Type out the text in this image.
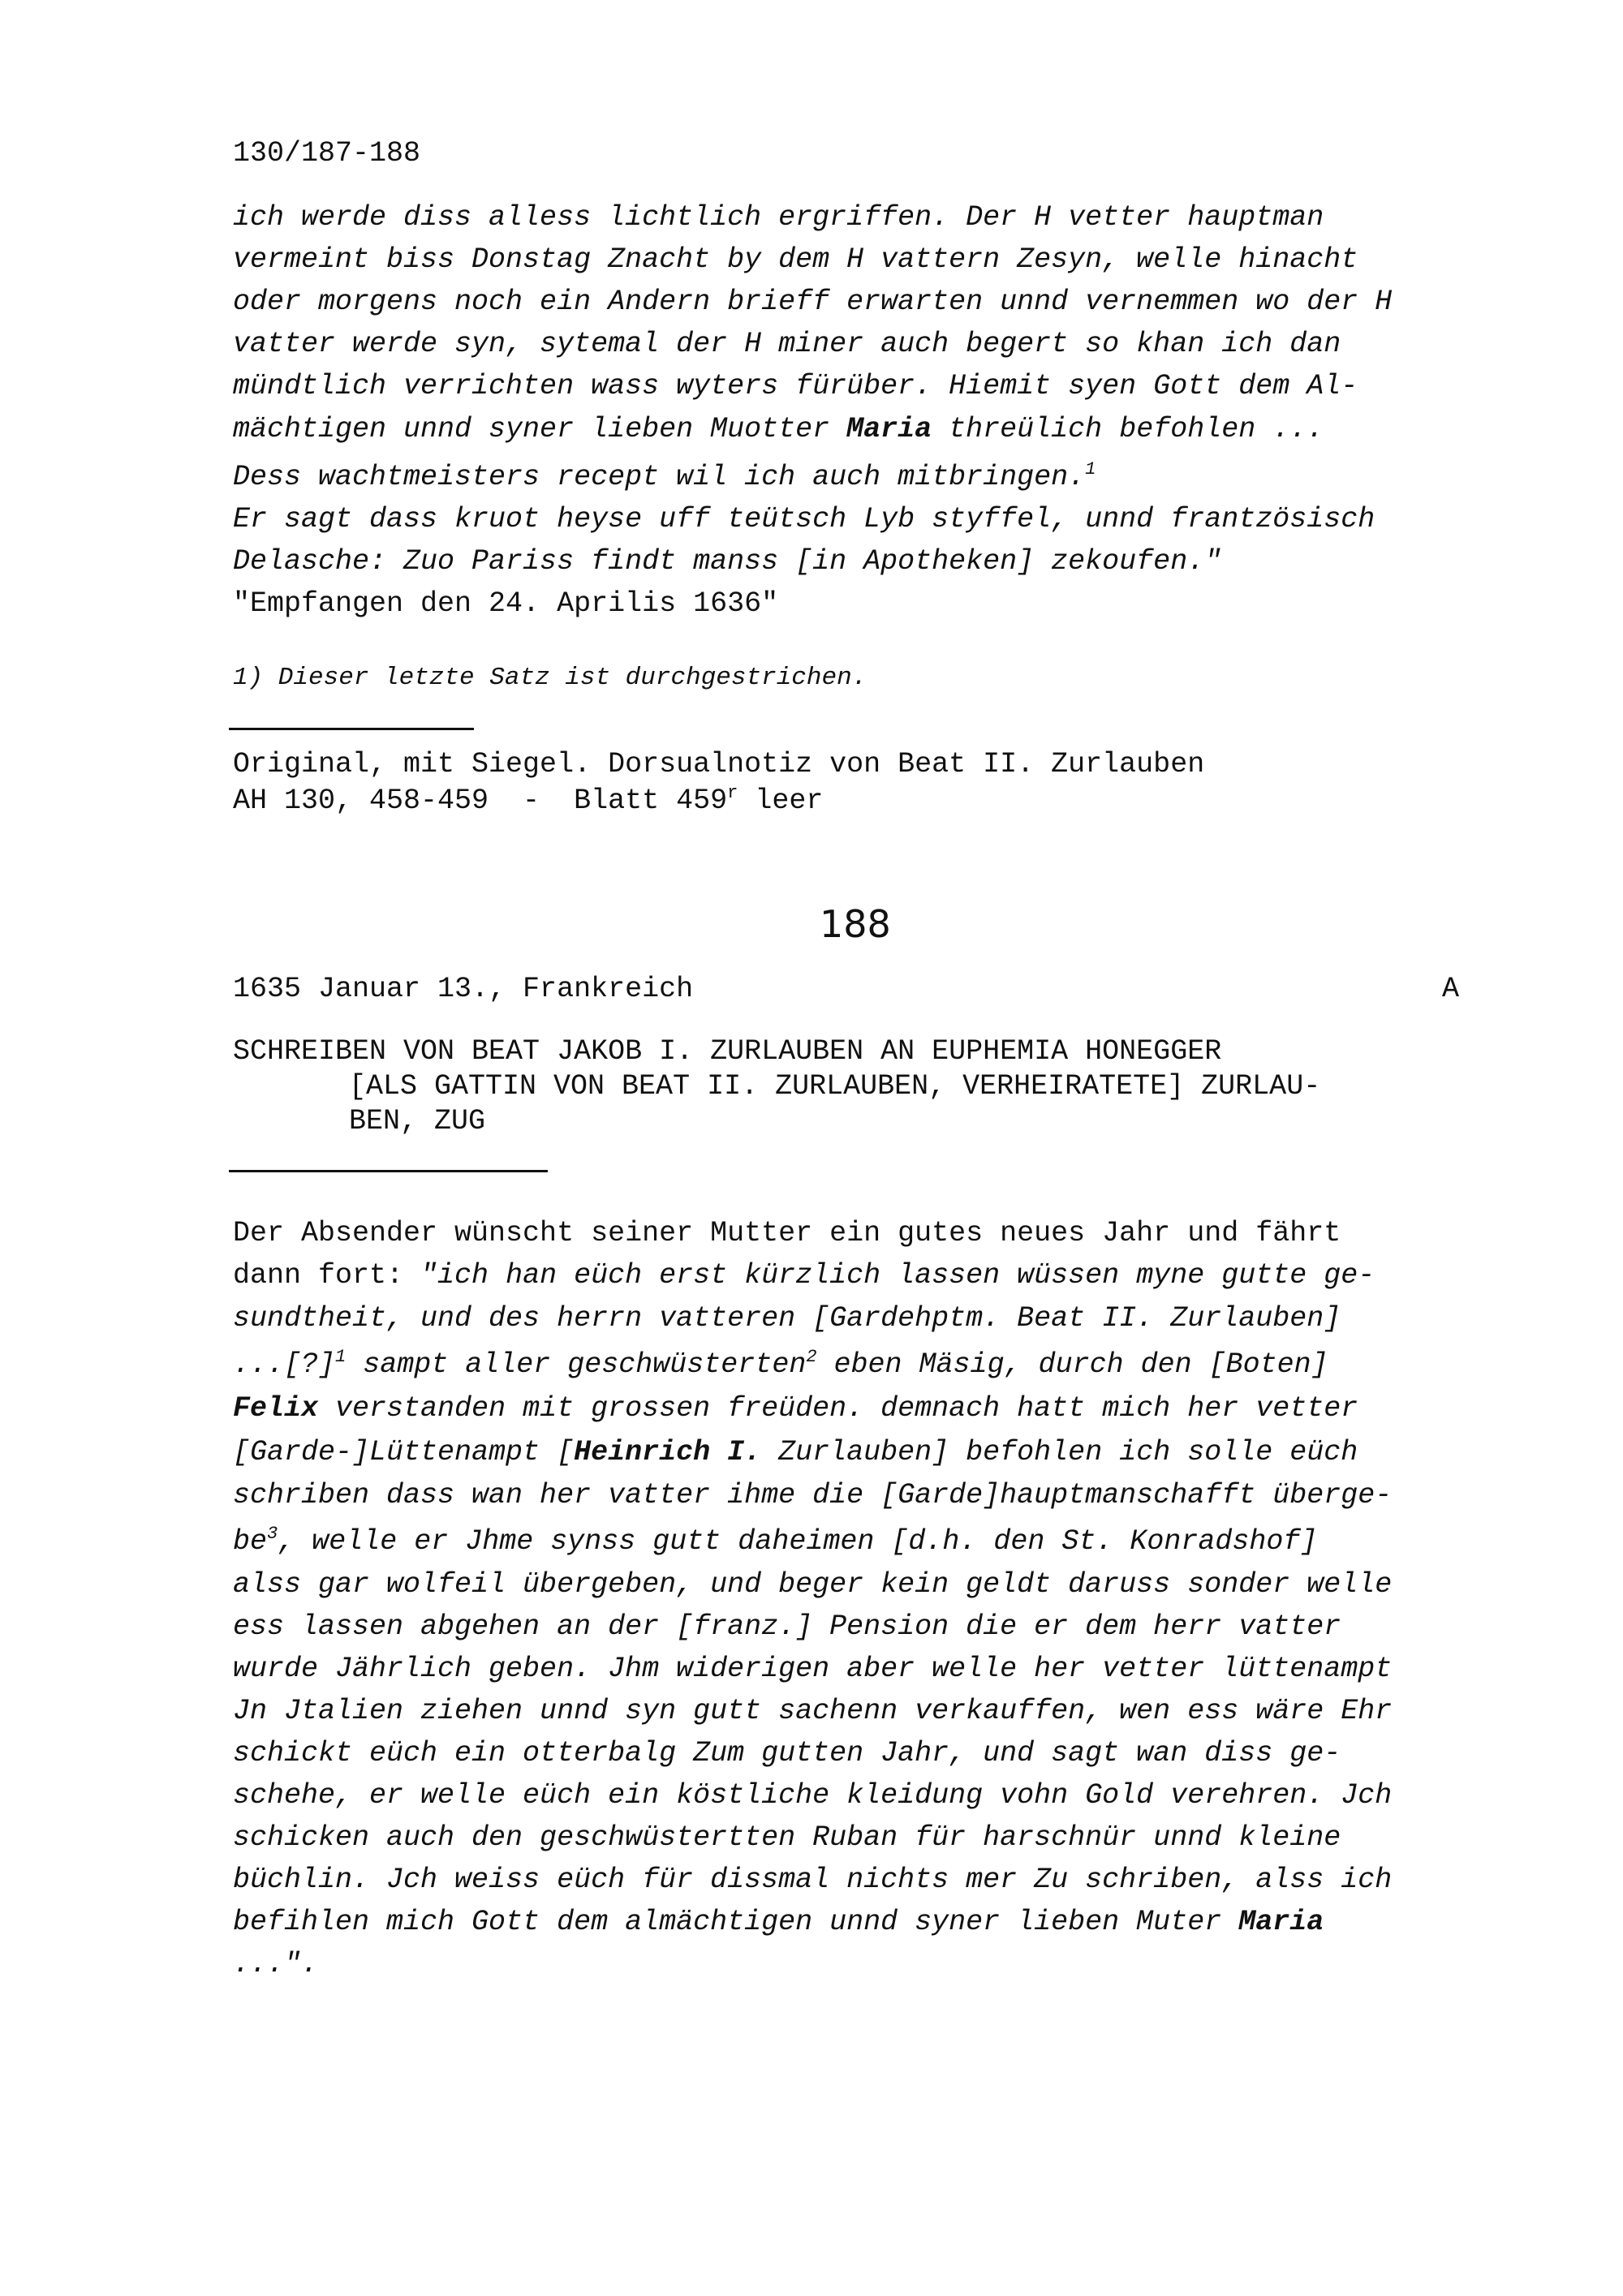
130/187-188
ich werde diss alless lichtlich ergriffen. Der H vetter hauptman
vermeint biss Donstag Znacht by dem H vattern Zesyn, welle hinacht
oder morgens noch ein Andern brieff erwarten unnd vernemmen wo der H
vatter werde syn, sytemal der H miner auch begert so khan ich dan
mündtlich verrichten wass wyters fürüber. Hiemit syen Gott dem Al-
mächtigen unnd syner lieben Muotter Maria threülich befohlen ...
Dess wachtmeisters recept wil ich auch mitbringen.$^1$
Er sagt dass kruot heyse uff teütsch Lyb styffel, unnd frantzösisch
Delasche: Zuo Pariss findt manss [in Apotheken] zekoufen."
"Empfangen den 24. Aprilis 1636"
1) Dieser letzte Satz ist durchgestrichen.
Original, mit Siegel. Dorsualnotiz von Beat II. Zurlauben
AH 130, 458-459  -  Blatt 459$^r$ leer
188
1635 Januar 13., Frankreich	A
SCHREIBEN VON BEAT JAKOB I. ZURLAUBEN AN EUPHEMIA HONEGGER
[ALS GATTIN VON BEAT II. ZURLAUBEN, VERHEIRATETE] ZURLAU-
BEN, ZUG
Der Absender wünscht seiner Mutter ein gutes neues Jahr und fährt
dann fort: "ich han eüch erst kürzlich lassen wüssen myne gutte ge-
sundtheit, und des herrn vatteren [Gardehptm. Beat II. Zurlauben]
...[?]$^1$ sampt aller geschwüsterten$^2$ eben Mäsig, durch den [Boten]
Felix verstanden mit grossen freüden. demnach hatt mich her vetter
[Garde-]Lüttenampt [Heinrich I. Zurlauben] befohlen ich solle eüch
schriben dass wan her vatter ihme die [Garde]hauptmanschafft überge-
$be^3$, welle er Jhme synss gutt daheimen [d.h. den St. Konradshof]
alss gar wolfeil übergeben, und beger kein geldt daruss sonder welle
ess lassen abgehen an der [franz.] Pension die er dem herr vatter
wurde Jährlich geben. Jhm widerigen aber welle her vetter lüttenampt
Jn Jtalien ziehen unnd syn gutt sachenn verkauffen, wen ess wäre Ehr
schickt eüch ein otterbalg Zum gutten Jahr, und sagt wan diss ge-
schehe, er welle eüch ein köstliche kleidung vohn Gold verehren. Jch
schicken auch den geschwüstertten Ruban für harschnür unnd kleine
büchlin. Jch weiss eüch für dissmal nichts mer Zu schriben, alss ich
befihlen mich Gott dem almächtigen unnd syner lieben Muter Maria
...".
